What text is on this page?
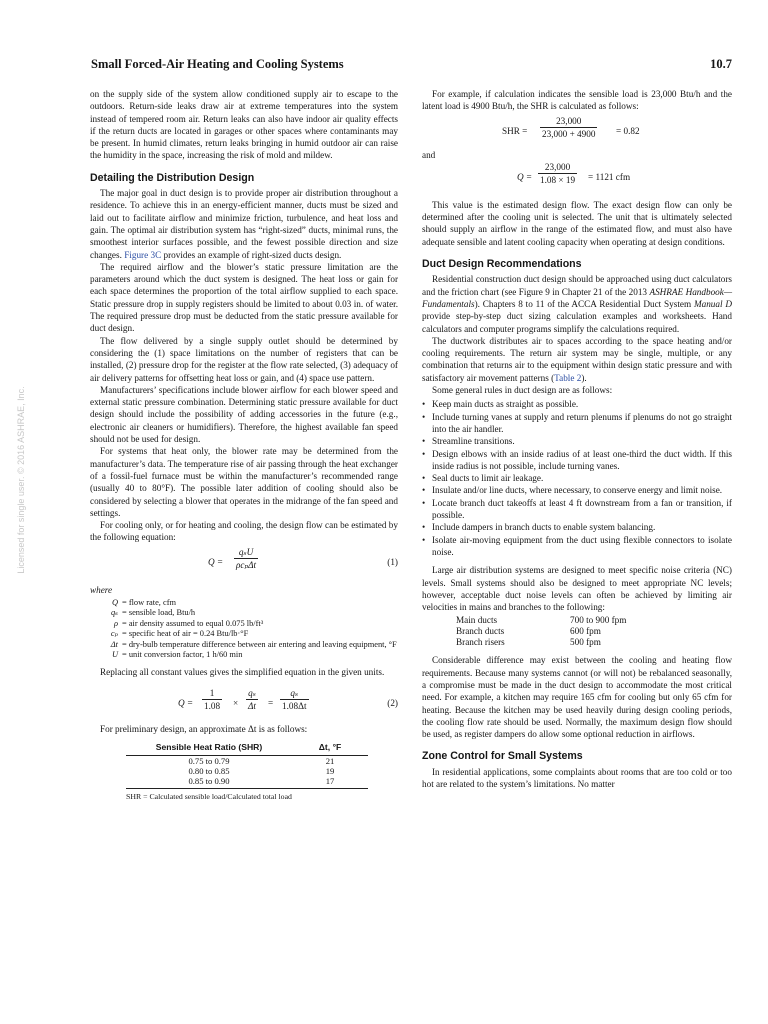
Small Forced-Air Heating and Cooling Systems	10.7
Licensed for single user. © 2016 ASHRAE, Inc.

on the supply side of the system allow conditioned supply air to escape to the outdoors. Return-side leaks draw air at extreme temperatures into the system instead of tempered room air. Return leaks can also have indoor air quality effects if the return ducts are located in garages or other spaces where contaminants may be present. In humid climates, return leaks bringing in humid outdoor air can raise the humidity in the space, increasing the risk of mold and mildew.

Detailing the Distribution Design

The major goal in duct design is to provide proper air distribution throughout a residence. To achieve this in an energy-efficient manner, ducts must be sized and laid out to facilitate airflow and minimize friction, turbulence, and heat loss and gain. The optimal air distribution system has “right-sized” ducts, minimal runs, the smoothest interior surfaces possible, and the fewest possible direction and size changes. Figure 3C provides an example of right-sized ducts design.

The required airflow and the blower’s static pressure limitation are the parameters around which the duct system is designed. The heat loss or gain for each space determines the proportion of the total airflow supplied to each space. Static pressure drop in supply registers should be limited to about 0.03 in. of water. The required pressure drop must be deducted from the static pressure available for duct design.

The flow delivered by a single supply outlet should be determined by considering the (1) space limitations on the number of registers that can be installed, (2) pressure drop for the register at the flow rate selected, (3) adequacy of air delivery patterns for offsetting heat loss or gain, and (4) space use pattern.

Manufacturers’ specifications include blower airflow for each blower speed and external static pressure combination. Determining static pressure available for duct design should include the possibility of adding accessories in the future (e.g., electronic air cleaners or humidifiers). Therefore, the highest available fan speed should not be used for design.

For systems that heat only, the blower rate may be determined from the manufacturer’s data. The temperature rise of air passing through the heat exchanger of a fossil-fuel furnace must be within the manufacturer’s recommended range (usually 40 to 80°F). The possible later addition of cooling should also be considered by selecting a blower that operates in the midrange of the fan speed and settings.

For cooling only, or for heating and cooling, the design flow can be estimated by the following equation:

Q =
qₛU
ρcₚΔt	(1)
where
Q = flow rate, cfm
qₛ = sensible load, Btu/h
ρ = air density assumed to equal 0.075 lb/ft³
cₚ = specific heat of air = 0.24 Btu/lb·°F
Δt = dry-bulb temperature difference between air entering and leaving equipment, °F
U = unit conversion factor, 1 h/60 min

Replacing all constant values gives the simplified equation in the given units.

$Q = \frac{1}{1.08} \times \frac{\text{qₛ}}{\Delta t} = \frac{\text{qₛ}}{1.08\Delta t}$	(2)

For preliminary design, an approximate Δt is as follows:

Sensible Heat Ratio (SHR)	Δt, °F
0.75 to 0.79	21
0.80 to 0.85	19
0.85 to 0.90	17
SHR = Calculated sensible load/Calculated total load

For example, if calculation indicates the sensible load is 23,000 Btu/h and the latent load is 4900 Btu/h, the SHR is calculated as follows:

SHR = $\frac{23,000}{23,000 + 4900} = 0.82$
and
$Q = \frac{23,000}{1.08 \times 19} = 1121$ cfm

This value is the estimated design flow. The exact design flow can only be determined after the cooling unit is selected. The unit that is ultimately selected should supply an airflow in the range of the estimated flow, and must also have adequate sensible and latent cooling capacity when operating at design conditions.

Duct Design Recommendations

Residential construction duct design should be approached using duct calculators and the friction chart (see Figure 9 in Chapter 21 of the 2013 ASHRAE Handbook—Fundamentals). Chapters 8 to 11 of the ACCA Residential Duct System Manual D provide step-by-step duct sizing calculation examples and worksheets. Hand calculators and computer programs simplify the calculations required.

The ductwork distributes air to spaces according to the space heating and/or cooling requirements. The return air system may be single, multiple, or any combination that returns air to the equipment within design static pressure and with satisfactory air movement patterns (Table 2).

Some general rules in duct design are as follows:

• Keep main ducts as straight as possible.
• Include turning vanes at supply and return plenums if plenums do not go straight into the air handler.
• Streamline transitions.
• Design elbows with an inside radius of at least one-third the duct width. If this inside radius is not possible, include turning vanes.
• Seal ducts to limit air leakage.
• Insulate and/or line ducts, where necessary, to conserve energy and limit noise.
• Locate branch duct takeoffs at least 4 ft downstream from a fan or transition, if possible.
• Include dampers in branch ducts to enable system balancing.
• Isolate air-moving equipment from the duct using flexible connectors to isolate noise.

Large air distribution systems are designed to meet specific noise criteria (NC) levels. Small systems should also be designed to meet appropriate NC levels; however, acceptable duct noise levels can often be achieved by limiting air velocities in mains and branches to the following:

Main ducts	700 to 900 fpm
Branch ducts	600 fpm
Branch risers	500 fpm

Considerable difference may exist between the cooling and heating flow requirements. Because many systems cannot (or will not) be rebalanced seasonally, a compromise must be made in the duct design to accommodate the most critical need. For example, a kitchen may require 165 cfm for cooling but only 65 cfm for heating. Because the kitchen may be used heavily during design cooling periods, the cooling flow rate should be used. Normally, the maximum design flow should be used, as register dampers do allow some optional reduction in airflows.

Zone Control for Small Systems

In residential applications, some complaints about rooms that are too cold or too hot are related to the system’s limitations. No matter
